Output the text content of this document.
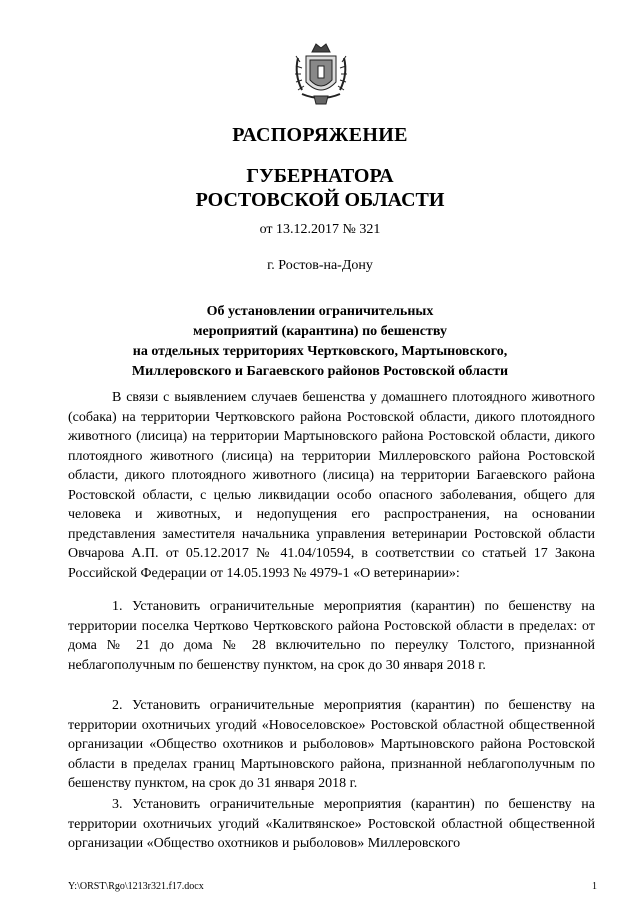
РАСПОРЯЖЕНИЕ
ГУБЕРНАТОРА
РОСТОВСКОЙ ОБЛАСТИ
от 13.12.2017 № 321
г. Ростов-на-Дону
Об установлении ограничительных
мероприятий (карантина) по бешенству
на отдельных территориях Чертковского, Мартыновского,
Миллеровского и Багаевского районов Ростовской области

В связи с выявлением случаев бешенства у домашнего плотоядного животного (собака) на территории Чертковского района Ростовской области, дикого плотоядного животного (лисица) на территории Мартыновского района Ростовской области, дикого плотоядного животного (лисица) на территории Миллеровского района Ростовской области, дикого плотоядного животного (лисица) на территории Багаевского района Ростовской области, с целью ликвидации особо опасного заболевания, общего для человека и животных, и недопущения его распространения, на основании представления заместителя начальника управления ветеринарии Ростовской области Овчарова А.П. от 05.12.2017 № 41.04/10594, в соответствии со статьей 17 Закона Российской Федерации от 14.05.1993 № 4979-1 «О ветеринарии»:

1. Установить ограничительные мероприятия (карантин) по бешенству на территории поселка Чертково Чертковского района Ростовской области в пределах: от дома № 21 до дома № 28 включительно по переулку Толстого, признанной неблагополучным по бешенству пунктом, на срок до 30 января 2018 г.

2. Установить ограничительные мероприятия (карантин) по бешенству на территории охотничьих угодий «Новоселовское» Ростовской областной общественной организации «Общество охотников и рыболовов» Мартыновского района Ростовской области в пределах границ Мартыновского района, признанной неблагополучным по бешенству пунктом, на срок до 31 января 2018 г.

3. Установить ограничительные мероприятия (карантин) по бешенству на территории охотничьих угодий «Калитвянское» Ростовской областной общественной организации «Общество охотников и рыболовов» Миллеровского

Y:\ORST\Rgo\1213r321.f17.docx	1
